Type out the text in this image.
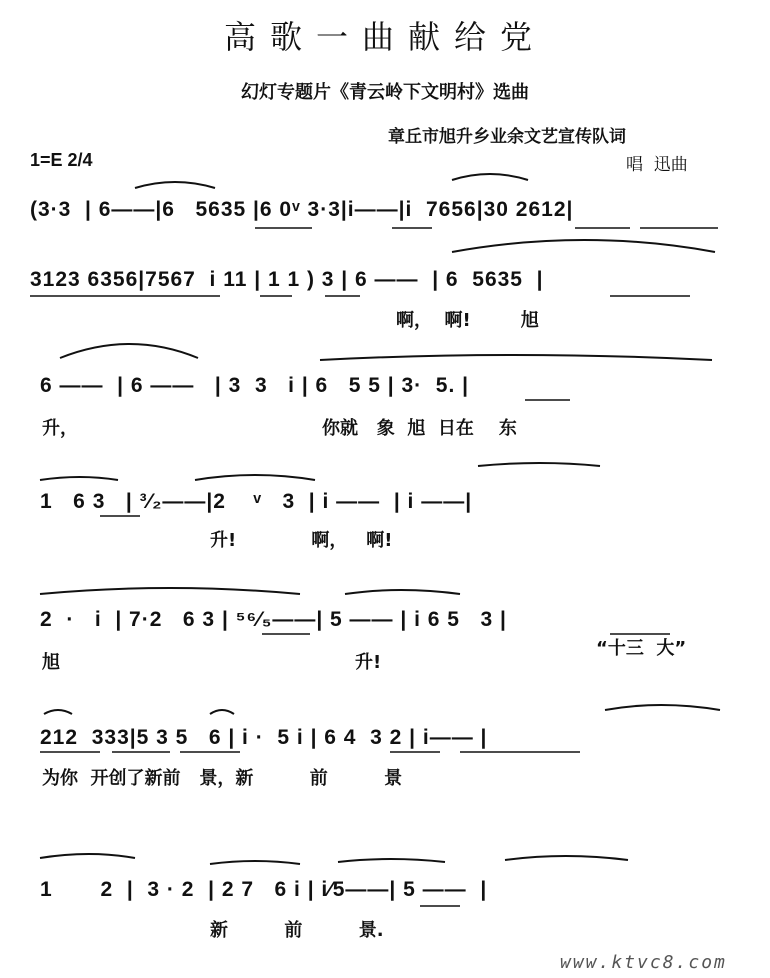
高歌一曲献给党
幻灯专题片《青云岭下文明村》选曲
章丘市旭升乡业余文艺宣传队词
唱  迅曲
1=E 2/4
(3·3  | 6——|6   5635 |6 0ᵛ 3·3|i——|i  7656|30 2612|
3123 6356|7567  i 11 | 1 1 ) 3 | 6 ——  | 6  5635  |
啊，  啊!        旭
6 ——  | 6 ——   | 3  3   i | 6   5 5 | 3·  5. |
升，	你就   象  旭  日在    东
1   6 3   | ³⁄₂——|2    ᵛ   3  | i ——  | i ——|
升!            啊，   啊!
2  ·   i  | 7·2   6 3 | ⁵⁶⁄₅——| 5 —— | i 6 5   3 |
旭	升!
“十三  大”
212  333|5 3 5   6 | i ·  5 i | 6 4  3 2 | i—— |
为你  开创了新前   景，新         前         景
1       2  |  3 · 2  | 2 7   6 i | i⁄5——| 5 ——  |
新         前         景.
www.ktvc8.com
